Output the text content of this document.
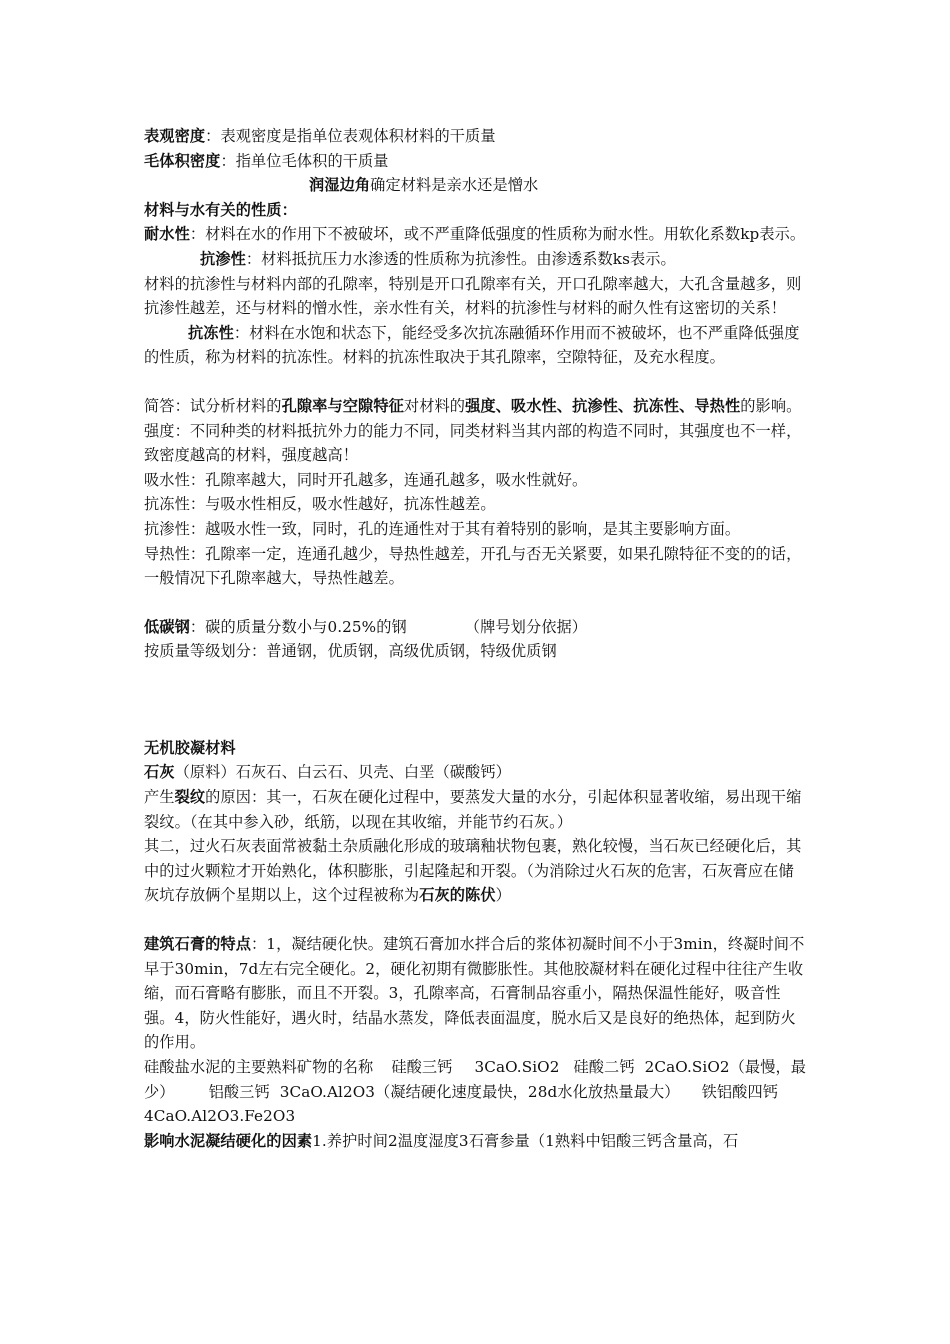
表观密度：表观密度是指单位表观体积材料的干质量

毛体积密度：指单位毛体积的干质量

润湿边角确定材料是亲水还是憎水

材料与水有关的性质：

耐水性：材料在水的作用下不被破坏，或不严重降低强度的性质称为耐水性。用软化系数kp表示。抗渗性：材料抵抗压力水渗透的性质称为抗渗性。由渗透系数ks表示。

材料的抗渗性与材料内部的孔隙率，特别是开口孔隙率有关，开口孔隙率越大，大孔含量越多，则抗渗性越差，还与材料的憎水性，亲水性有关，材料的抗渗性与材料的耐久性有这密切的关系！抗冻性：材料在水饱和状态下，能经受多次抗冻融循环作用而不被破坏，也不严重降低强度的性质，称为材料的抗冻性。材料的抗冻性取决于其孔隙率，空隙特征，及充水程度。

简答：试分析材料的孔隙率与空隙特征对材料的强度、吸水性、抗渗性、抗冻性、导热性的影响。

强度：不同种类的材料抵抗外力的能力不同，同类材料当其内部的构造不同时，其强度也不一样，致密度越高的材料，强度越高！

吸水性：孔隙率越大，同时开孔越多，连通孔越多，吸水性就好。

抗冻性：与吸水性相反，吸水性越好，抗冻性越差。

抗渗性：越吸水性一致，同时，孔的连通性对于其有着特别的影响，是其主要影响方面。

导热性：孔隙率一定，连通孔越少，导热性越差，开孔与否无关紧要，如果孔隙特征不变的的话，一般情况下孔隙率越大，导热性越差。

低碳钢：碳的质量分数小与0.25%的钢	（牌号划分依据）

按质量等级划分：普通钢，优质钢，高级优质钢，特级优质钢

无机胶凝材料

石灰（原料）石灰石、白云石、贝壳、白垩（碳酸钙）

产生裂纹的原因：其一，石灰在硬化过程中，要蒸发大量的水分，引起体积显著收缩，易出现干缩裂纹。（在其中参入砂，纸筋，以现在其收缩，并能节约石灰。）

其二，过火石灰表面常被黏土杂质融化形成的玻璃釉状物包裹，熟化较慢，当石灰已经硬化后，其中的过火颗粒才开始熟化，体积膨胀，引起隆起和开裂。（为消除过火石灰的危害，石灰膏应在储灰坑存放俩个星期以上，这个过程被称为石灰的陈伏）

建筑石膏的特点：1，凝结硬化快。建筑石膏加水拌合后的浆体初凝时间不小于3min，终凝时间不早于30min，7d左右完全硬化。2，硬化初期有微膨胀性。其他胶凝材料在硬化过程中往往产生收缩，而石膏略有膨胀，而且不开裂。3，孔隙率高，石膏制品容重小，隔热保温性能好，吸音性强。4，防火性能好，遇火时，结晶水蒸发，降低表面温度，脱水后又是良好的绝热体，起到防火的作用。

硅酸盐水泥的主要熟料矿物的名称 硅酸三钙 3CaO.SiO2 硅酸二钙 2CaO.SiO2（最慢，最少） 铝酸三钙 3CaO.Al2O3（凝结硬化速度最快，28d水化放热量最大） 铁铝酸四钙4CaO.Al2O3.Fe2O3

影响水泥凝结硬化的因素1.养护时间2温度湿度3石膏参量（1熟料中铝酸三钙含量高，石
